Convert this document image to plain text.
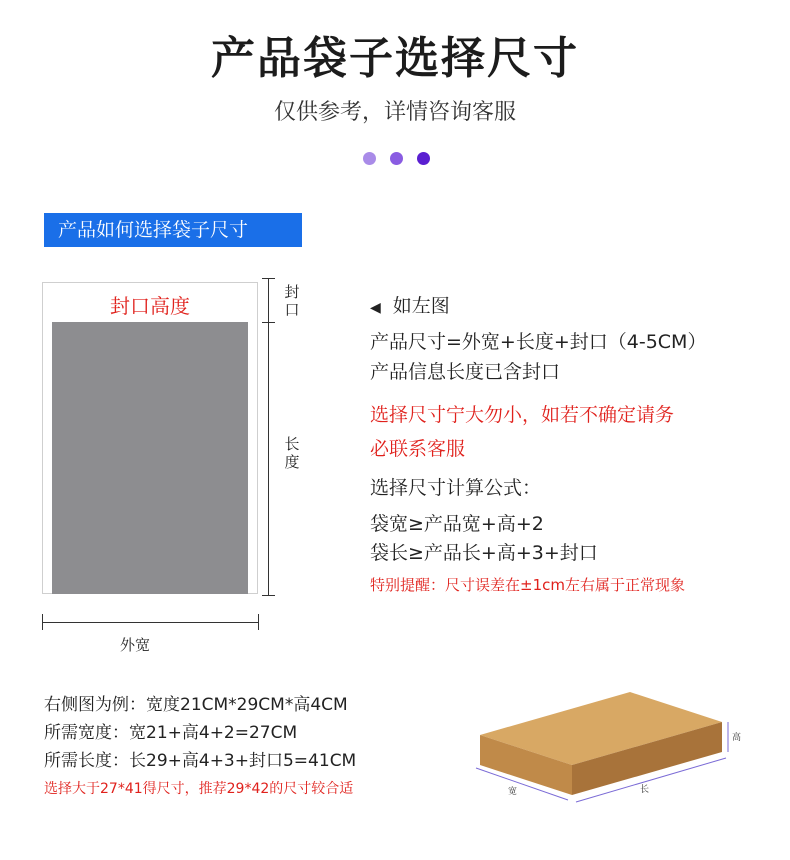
产品袋子选择尺寸
仅供参考，详情咨询客服
产品如何选择袋子尺寸
封口高度
封
口
长
度
外宽
◀ 如左图
产品尺寸=外宽+长度+封口（4-5CM）
产品信息长度已含封口
选择尺寸宁大勿小，如若不确定请务
必联系客服
选择尺寸计算公式：
袋宽≥产品宽+高+2
袋长≥产品长+高+3+封口
特别提醒：尺寸误差在±1cm左右属于正常现象
右侧图为例：宽度21CM*29CM*高4CM
所需宽度：宽21+高4+2=27CM
所需长度：长29+高4+3+封口5=41CM
选择大于27*41得尺寸，推荐29*42的尺寸较合适
高
宽	长
